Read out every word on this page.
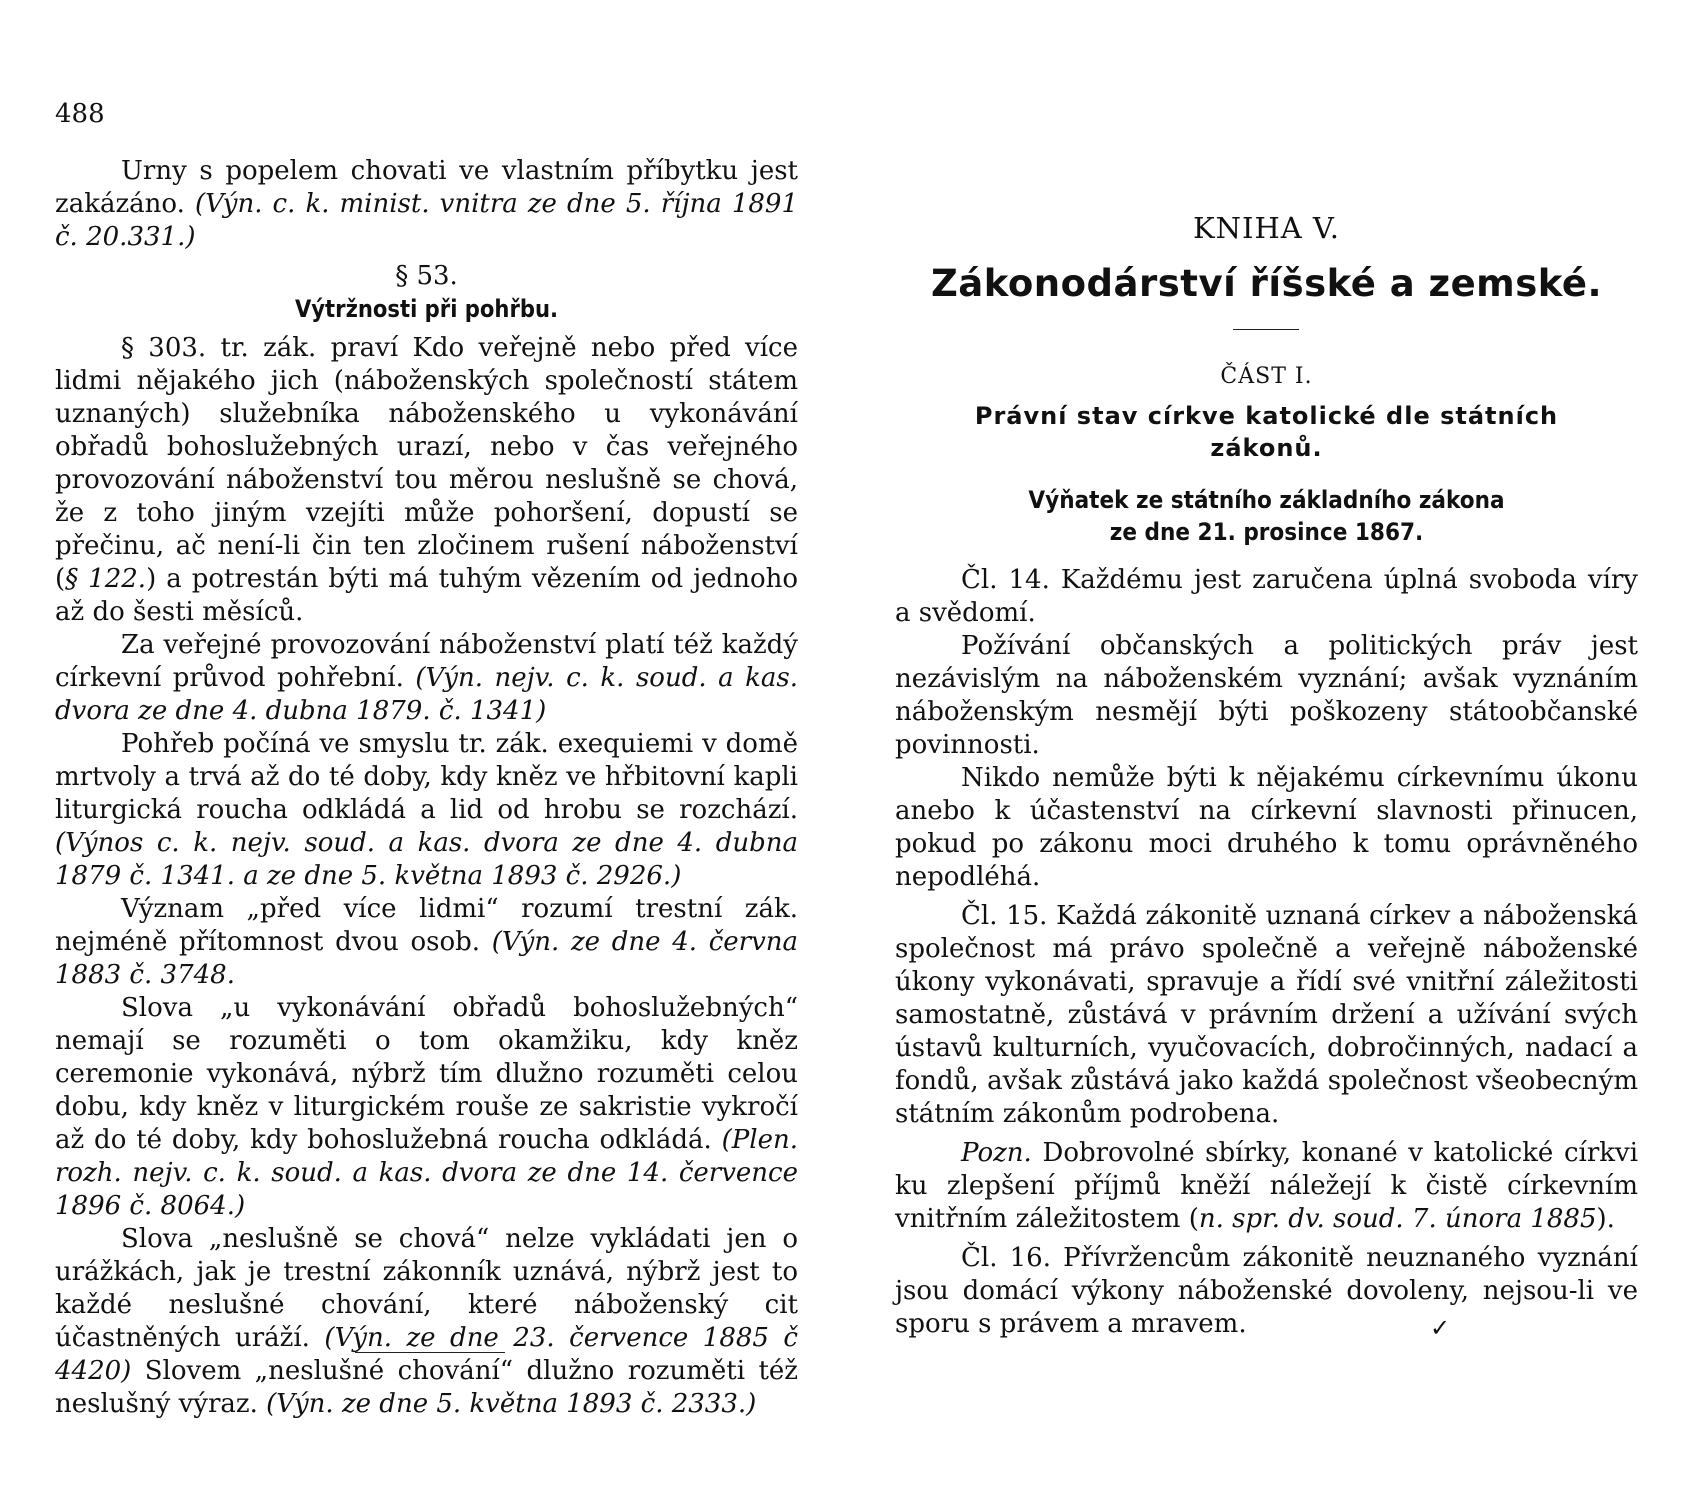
488

Urny s popelem chovati ve vlastním příbytku jest zakázáno. (Výn. c. k. minist. vnitra ze dne 5. října 1891 č. 20.331.)

§ 53.
Výtržnosti při pohřbu.

§ 303. tr. zák. praví Kdo veřejně nebo před více lidmi nějakého jich (náboženských společností státem uznaných) služebníka náboženského u vykonávání obřadů bohoslužebných urazí, nebo v čas veřejného provozování náboženství tou měrou neslušně se chová, že z toho jiným vzejíti může pohoršení, dopustí se přečinu, ač není-li čin ten zločinem rušení náboženství (§ 122.) a potrestán býti má tuhým vězením od jednoho až do šesti měsíců.

Za veřejné provozování náboženství platí též každý církevní průvod pohřební. (Výn. nejv. c. k. soud. a kas. dvora ze dne 4. dubna 1879. č. 1341)

Pohřeb počíná ve smyslu tr. zák. exequiemi v domě mrtvoly a trvá až do té doby, kdy kněz ve hřbitovní kapli liturgická roucha odkládá a lid od hrobu se rozchází. (Výnos c. k. nejv. soud. a kas. dvora ze dne 4. dubna 1879 č. 1341. a ze dne 5. května 1893 č. 2926.)

Význam „před více lidmi“ rozumí trestní zák. nejméně přítomnost dvou osob. (Výn. ze dne 4. června 1883 č. 3748.

Slova „u vykonávání obřadů bohoslužebných“ nemají se rozuměti o tom okamžiku, kdy kněz ceremonie vykonává, nýbrž tím dlužno rozuměti celou dobu, kdy kněz v liturgickém rouše ze sakristie vykročí až do té doby, kdy bohoslužebná roucha odkládá. (Plen. rozh. nejv. c. k. soud. a kas. dvora ze dne 14. července 1896 č. 8064.)

Slova „neslušně se chová“ nelze vykládati jen o urážkách, jak je trestní zákonník uznává, nýbrž jest to každé neslušné chování, které náboženský cit účastněných uráží. (Výn. ze dne 23. července 1885 č 4420) Slovem „neslušné chování“ dlužno rozuměti též neslušný výraz. (Výn. ze dne 5. května 1893 č. 2333.)

KNIHA V.
Zákonodárství říšské a zemské.
ČÁST I.
Právní stav církve katolické dle státních zákonů.
Výňatek ze státního základního zákona
ze dne 21. prosince 1867.

Čl. 14. Každému jest zaručena úplná svoboda víry a svědomí.

Požívání občanských a politických práv jest nezávislým na náboženském vyznání; avšak vyznáním náboženským nesmějí býti poškozeny státoobčanské povinnosti.

Nikdo nemůže býti k nějakému církevnímu úkonu anebo k účastenství na církevní slavnosti přinucen, pokud po zákonu moci druhého k tomu oprávněného nepodléhá.

Čl. 15. Každá zákonitě uznaná církev a náboženská společnost má právo společně a veřejně náboženské úkony vykonávati, spravuje a řídí své vnitřní záležitosti samostatně, zůstává v právním držení a užívání svých ústavů kulturních, vyučovacích, dobročinných, nadací a fondů, avšak zůstává jako každá společnost všeobecným státním zákonům podrobena.

Pozn. Dobrovolné sbírky, konané v katolické církvi ku zlepšení příjmů kněží náležejí k čistě církevním vnitřním záležitostem (n. spr. dv. soud. 7. února 1885).

Čl. 16. Přívržencům zákonitě neuznaného vyznání jsou domácí výkony náboženské dovoleny, nejsou-li ve sporu s právem a mravem.	✓
